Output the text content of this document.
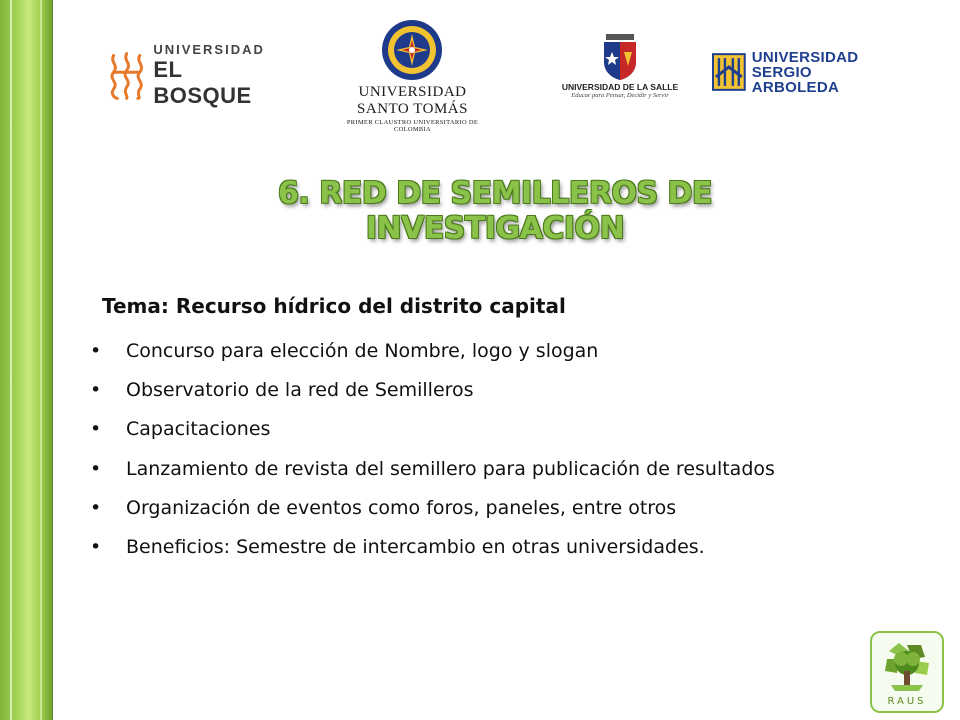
UNIVERSIDAD
EL BOSQUE	UNIVERSIDAD SANTO TOMÁS
PRIMER CLAUSTRO UNIVERSITARIO DE COLOMBIA
UNIVERSIDAD DE LA SALLE
Educar para Pensar, Decidir y Servir
UNIVERSIDAD
SERGIO ARBOLEDA
6. RED DE SEMILLEROS DE INVESTIGACIÓN
Tema: Recurso hídrico del distrito capital
• Concurso para elección de Nombre, logo y slogan
• Observatorio de la red de Semilleros
• Capacitaciones
• Lanzamiento de revista del semillero para publicación de resultados
• Organización de eventos como foros, paneles, entre otros
• Beneficios: Semestre de intercambio en otras universidades.
RAUS
